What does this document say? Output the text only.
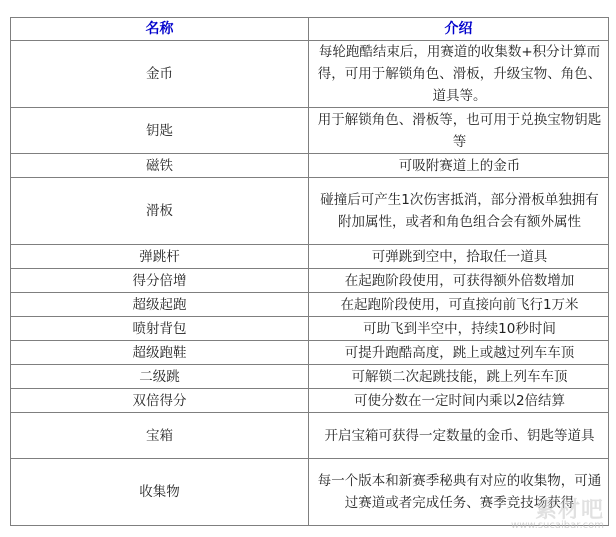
名称	介绍
金币	每轮跑酷结束后，用赛道的收集数+积分计算而得，可用于解锁角色、滑板，升级宝物、角色、道具等。
钥匙	用于解锁角色、滑板等，也可用于兑换宝物钥匙等
磁铁	可吸附赛道上的金币
滑板	碰撞后可产生1次伤害抵消，部分滑板单独拥有附加属性，或者和角色组合会有额外属性
弹跳杆	可弹跳到空中，拾取任一道具
得分倍增	在起跑阶段使用，可获得额外倍数增加
超级起跑	在起跑阶段使用，可直接向前飞行1万米
喷射背包	可助飞到半空中，持续10秒时间
超级跑鞋	可提升跑酷高度，跳上或越过列车车顶
二级跳	可解锁二次起跳技能，跳上列车车顶
双倍得分	可使分数在一定时间内乘以2倍结算
宝箱	开启宝箱可获得一定数量的金币、钥匙等道具
收集物	每一个版本和新赛季秘典有对应的收集物，可通过赛道或者完成任务、赛季竞技场获得
素材吧
www.sucaibar.com
